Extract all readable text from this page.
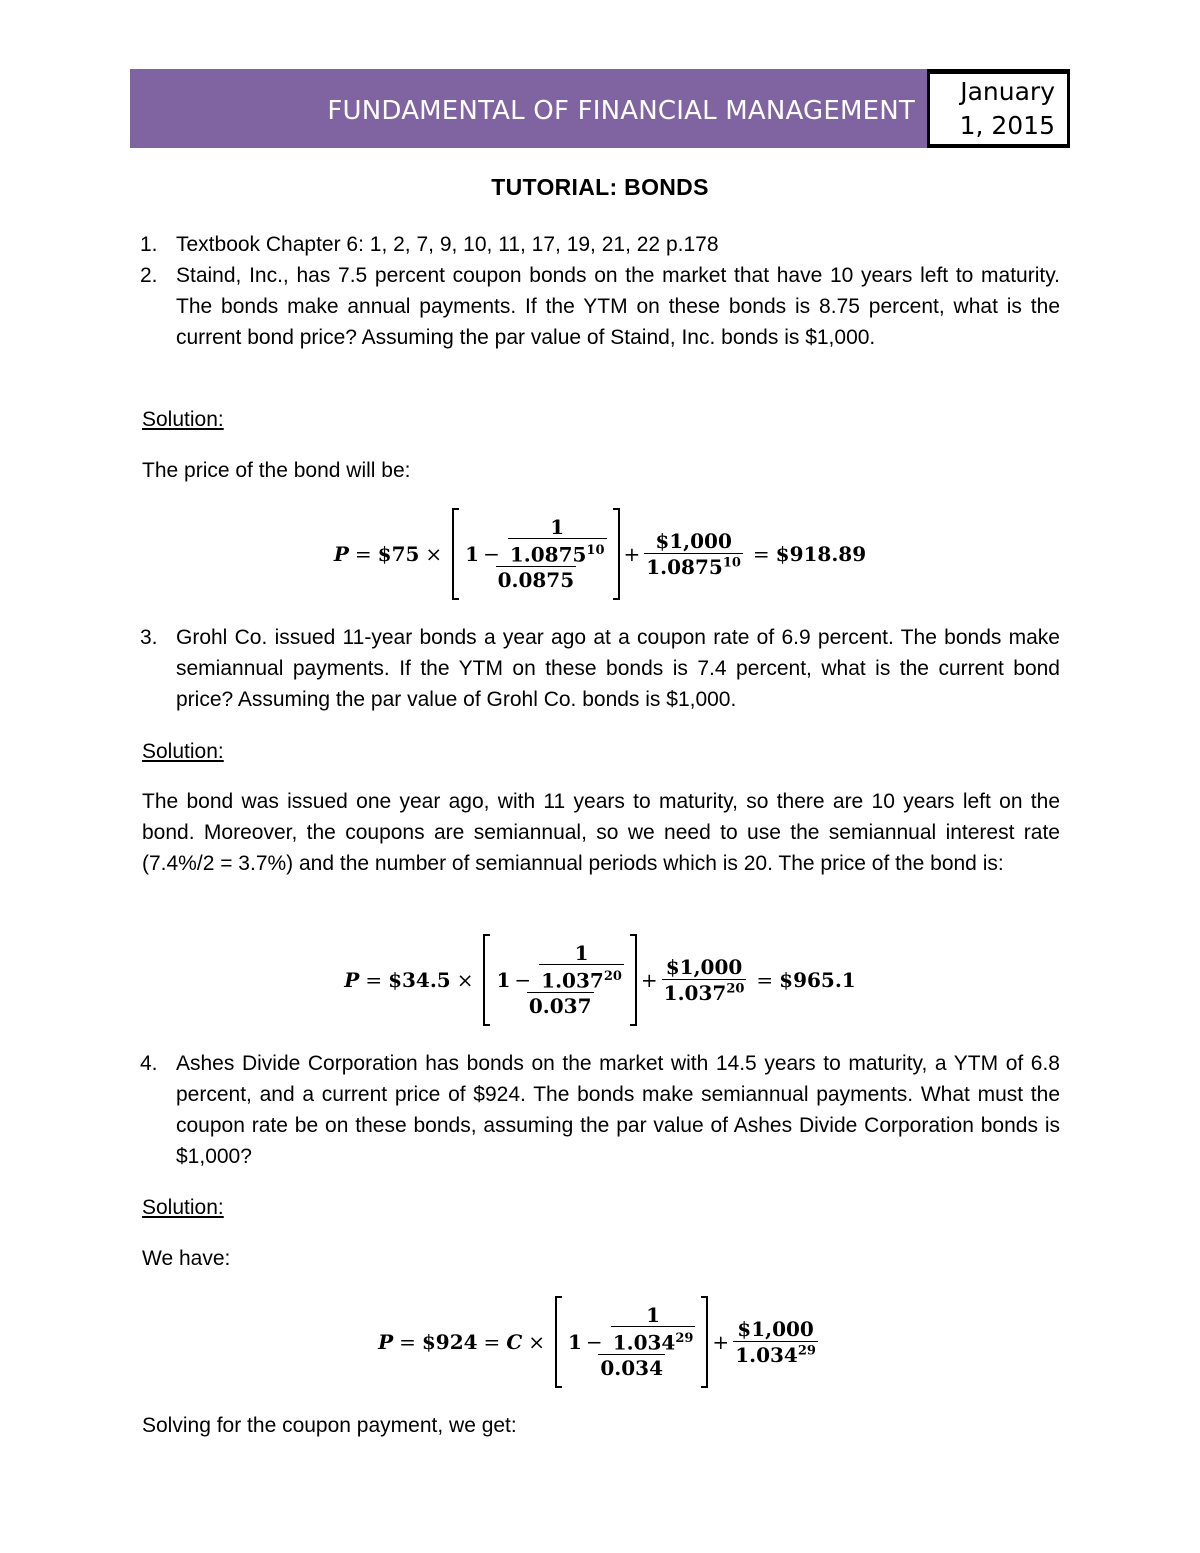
FUNDAMENTAL OF FINANCIAL MANAGEMENT
January
1, 2015
TUTORIAL: BONDS
1. Textbook Chapter 6: 1, 2, 7, 9, 10, 11, 17, 19, 21, 22 p.178
2. Staind, Inc., has 7.5 percent coupon bonds on the market that have 10 years left to maturity. The bonds make annual payments. If the YTM on these bonds is 8.75 percent, what is the current bond price? Assuming the par value of Staind, Inc. bonds is $1,000.
Solution:
The price of the bond will be:
P = $75 × $\frac{1 - \frac{1}{1.0875^{10}}}{0.0875} + \frac{\$1,000}{1.0875^{10}}$ = $918.89
3. Grohl Co. issued 11-year bonds a year ago at a coupon rate of 6.9 percent. The bonds make semiannual payments. If the YTM on these bonds is 7.4 percent, what is the current bond price? Assuming the par value of Grohl Co. bonds is $1,000.
Solution:
The bond was issued one year ago, with 11 years to maturity, so there are 10 years left on the bond. Moreover, the coupons are semiannual, so we need to use the semiannual interest rate (7.4%/2 = 3.7%) and the number of semiannual periods which is 20. The price of the bond is:
P = $34.5 × $\frac{1 - \frac{1}{1.037^{20}}}{0.037} + \frac{\$1,000}{1.037^{20}}$ = $965.1
4. Ashes Divide Corporation has bonds on the market with 14.5 years to maturity, a YTM of 6.8 percent, and a current price of $924. The bonds make semiannual payments. What must the coupon rate be on these bonds, assuming the par value of Ashes Divide Corporation bonds is $1,000?
Solution:
We have:
P = $924 = $C \times \frac{1 - \frac{1}{1.034^{29}}}{0.034} + \frac{\$1,000}{1.034^{29}}$
Solving for the coupon payment, we get:
